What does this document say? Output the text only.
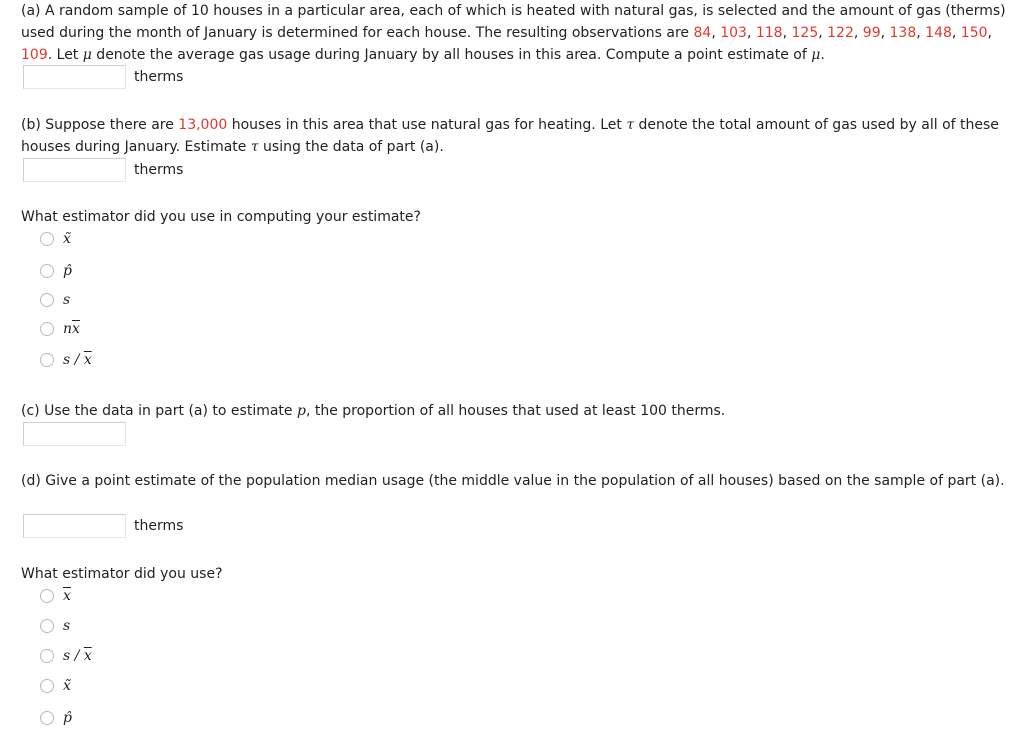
(a) A random sample of 10 houses in a particular area, each of which is heated with natural gas, is selected and the amount of gas (therms) used during the month of January is determined for each house. The resulting observations are 84, 103, 118, 125, 122, 99, 138, 148, 150, 109. Let μ denote the average gas usage during January by all houses in this area. Compute a point estimate of μ.
therms
(b) Suppose there are 13,000 houses in this area that use natural gas for heating. Let τ denote the total amount of gas used by all of these houses during January. Estimate τ using the data of part (a).
therms
What estimator did you use in computing your estimate?
x̃
p̂
s
$n\overline{x}$
s / $\overline{x}$
(c) Use the data in part (a) to estimate p, the proportion of all houses that used at least 100 therms.
(d) Give a point estimate of the population median usage (the middle value in the population of all houses) based on the sample of part (a).
therms
What estimator did you use?
$\overline{x}$
s
s / $\overline{x}$
x̃
p̂
